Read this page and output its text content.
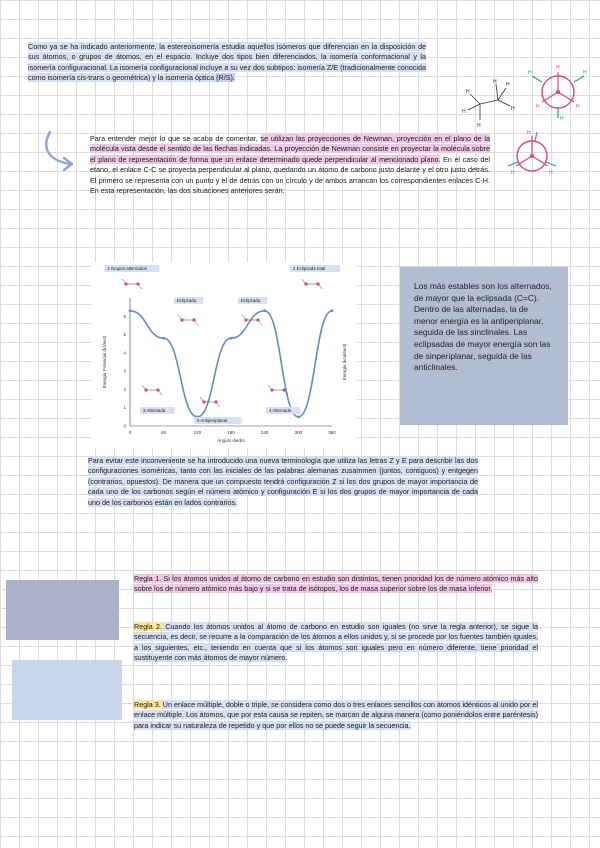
Como ya se ha indicado anteriormente, la estereoisomería estudia aquellos isómeros que diferencian en la disposición de sus átomos, o grupos de átomos, en el espacio. Incluye dos tipos bien diferenciados, la isomería conformacional y la isomería configuracional. La isomería configuracional incluye a su vez dos subtipos: isomería Z/E (tradicionalmente conocida como isomería cis-trans o geométrica) y la isomería óptica (R/S).

H
H
H
H
H
H
H
H
H
H
H
H
H
H
H

Para entender mejor lo que se acaba de comentar, se utilizan las proyecciones de Newman, proyección en el plano de la molécula vista desde el sentido de las flechas indicadas. La proyección de Newman consiste en proyectar la molécula sobre el plano de representación de forma que un enlace determinado quede perpendicular al mencionado plano. En el caso del etano, el enlace C-C se proyecta perpendicular al plano, quedando un átomo de carbono justo delante y el otro justo detrás. El primero se representa con un punto y el de detrás con un círculo y de ambos arrancan los correspondientes enlaces C-H. En esta representación, las dos situaciones anteriores serán:

0	60	120	180	240	300	360
0
1
2
3
4
5
6
Ángulo diedro
Energía Potencial (kJ/mol)	Energía (kcal/mol)
1 Grupos alternados	2 Eclipsada total
Eclipsada	Eclipsada
3 Alternada	4 Alternada
5 Antiperiplanar
Los más estables son los alternados, de mayor que la eclipsada (C=C). Dentro de las alternadas, la de menor energía es la antiperiplanar, seguida de las sinclinales. Las eclipsadas de mayor energía son las de sinperiplanar, seguida de las anticlinales.

Para evitar este inconveniente se ha introducido una nueva terminología que utiliza las letras Z y E para describir las dos configuraciones isoméricas, tanto con las iniciales de las palabras alemanas zusammen (juntos, contiguos) y entgegen (contrarios, opuestos). De manera que un compuesto tendrá configuración Z si los dos grupos de mayor importancia de cada uno de los carbonos según el número atómico y configuración E si los dos grupos de mayor importancia de cada uno de los carbonos están en lados contrarios.

Regla 1. Si los átomos unidos al átomo de carbono en estudio son distintos, tienen prioridad los de número atómico más alto sobre los de número atómico más bajo y si se trata de isótopos, los de masa superior sobre los de masa inferior.

Regla 2. Cuando los átomos unidos al átomo de carbono en estudio son iguales (no sirve la regla anterior), se sigue la secuencia, es decir, se recurre a la comparación de los átomos a ellos unidos y, si se procede por los fuentes también iguales, a los siguientes, etc., teniendo en cuenta que si los átomos son iguales pero en número diferente, tiene prioridad el sustituyente con más átomos de mayor número.

Regla 3. Un enlace múltiple, doble o triple, se considera como dos o tres enlaces sencillos con átomos idénticos al unido por el enlace múltiple. Los átomos, que por esta causa se repiten, se marcan de alguna manera (como poniéndolos entre paréntesis) para indicar su naturaleza de repetido y que por ellos no se puede seguir la secuencia.
